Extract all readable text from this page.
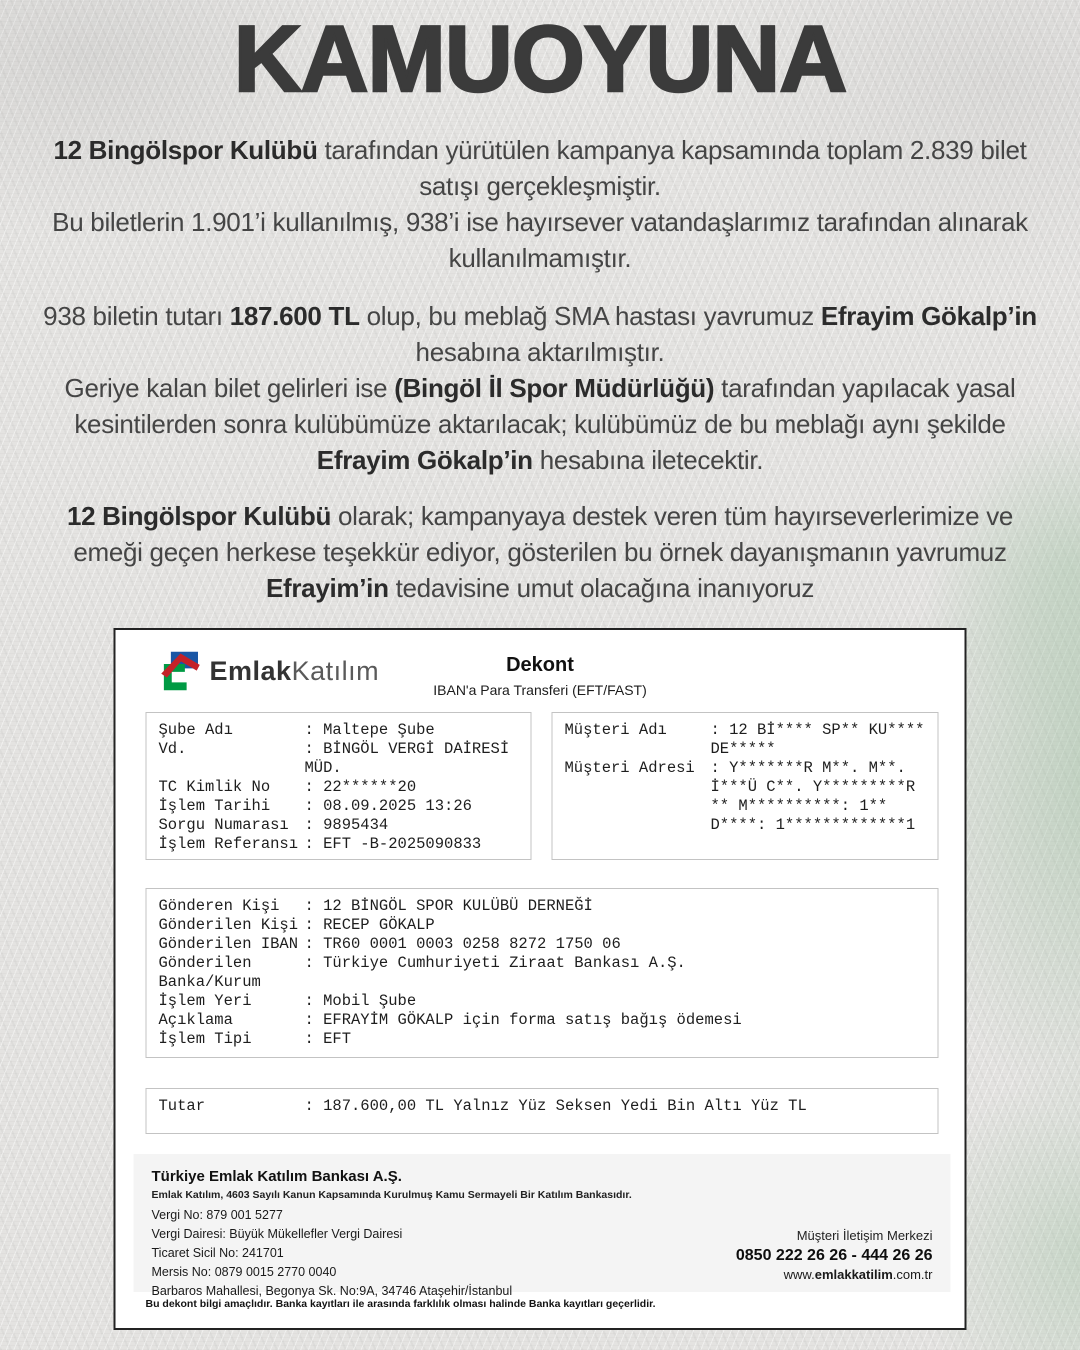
KAMUOYUNA
12 Bingölspor Kulübü tarafından yürütülen kampanya kapsamında toplam 2.839 bilet satışı gerçekleşmiştir.
Bu biletlerin 1.901’i kullanılmış, 938’i ise hayırsever vatandaşlarımız tarafından alınarak kullanılmamıştır.
938 biletin tutarı 187.600 TL olup, bu meblağ SMA hastası yavrumuz Efrayim Gökalp’in hesabına aktarılmıştır.
Geriye kalan bilet gelirleri ise (Bingöl İl Spor Müdürlüğü) tarafından yapılacak yasal kesintilerden sonra kulübümüze aktarılacak; kulübümüz de bu meblağı aynı şekilde Efrayim Gökalp’in hesabına iletecektir.
12 Bingölspor Kulübü olarak; kampanyaya destek veren tüm hayırseverlerimize ve emeği geçen herkese teşekkür ediyor, gösterilen bu örnek dayanışmanın yavrumuz Efrayim’in tedavisine umut olacağına inanıyoruz
EmlakKatılım	Dekont
IBAN'a Para Transferi (EFT/FAST)
Şube Adı	: Maltepe Şube
Vd.	: BİNGÖL VERGİ DAİRESİ MÜD.
TC Kimlik No	: 22******20
İşlem Tarihi	: 08.09.2025 13:26
Sorgu Numarası	: 9895434
İşlem Referansı : EFT -B-2025090833
Müşteri Adı	: 12 Bİ**** SP** KU**** DE*****
Müşteri Adresi	: Y*******R M**. M**. İ***Ü C**. Y*********R ** M**********: 1** D****: 1*************1
Gönderen Kişi	: 12 BİNGÖL SPOR KULÜBÜ DERNEĞİ
Gönderilen Kişi : RECEP GÖKALP
Gönderilen IBAN : TR60 0001 0003 0258 8272 1750 06
Gönderilen Banka/Kurum
: Türkiye Cumhuriyeti Ziraat Bankası A.Ş.
İşlem Yeri	: Mobil Şube
Açıklama	: EFRAYİM GÖKALP için forma satış bağış ödemesi
İşlem Tipi	: EFT
Tutar	: 187.600,00 TL Yalnız Yüz Seksen Yedi Bin Altı Yüz TL
Türkiye Emlak Katılım Bankası A.Ş.
Emlak Katılım, 4603 Sayılı Kanun Kapsamında Kurulmuş Kamu Sermayeli Bir Katılım Bankasıdır.
Vergi No: 879 001 5277
Vergi Dairesi: Büyük Mükellefler Vergi Dairesi
Ticaret Sicil No: 241701
Mersis No: 0879 0015 2770 0040
Barbaros Mahallesi, Begonya Sk. No:9A, 34746 Ataşehir/İstanbul
Müşteri İletişim Merkezi
0850 222 26 26 - 444 26 26
www.emlakkatilim.com.tr
Bu dekont bilgi amaçlıdır. Banka kayıtları ile arasında farklılık olması halinde Banka kayıtları geçerlidir.
